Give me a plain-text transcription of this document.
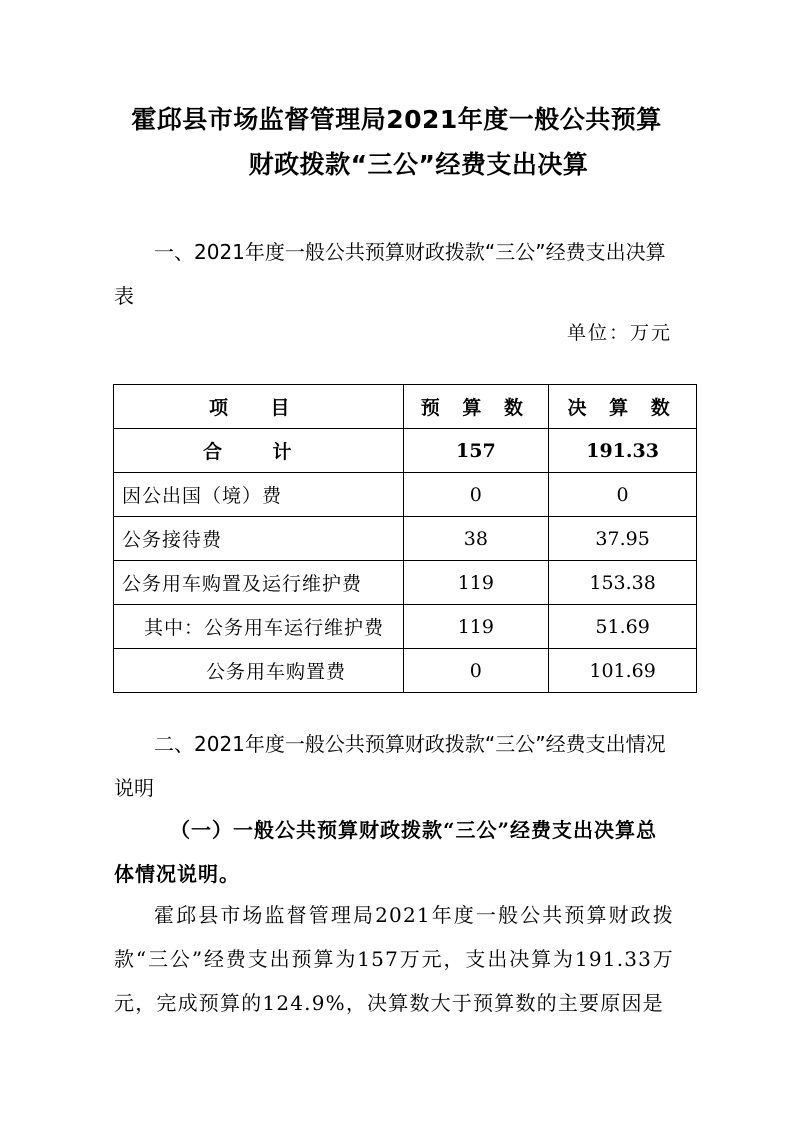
霍邱县市场监督管理局2021年度一般公共预算
财政拨款“三公”经费支出决算
一、2021年度一般公共预算财政拨款“三公”经费支出决算表
单位：万元
项 目	预 算 数	决 算 数
合 计	157	191.33
因公出国（境）费	0	0
公务接待费	38	37.95
公务用车购置及运行维护费	119	153.38
其中：公务用车运行维护费	119	51.69
公务用车购置费	0	101.69
二、2021年度一般公共预算财政拨款“三公”经费支出情况说明
（一）一般公共预算财政拨款“三公”经费支出决算总体情况说明。
霍邱县市场监督管理局2021年度一般公共预算财政拨款“三公”经费支出预算为157万元，支出决算为191.33万元，完成预算的124.9%，决算数大于预算数的主要原因是
